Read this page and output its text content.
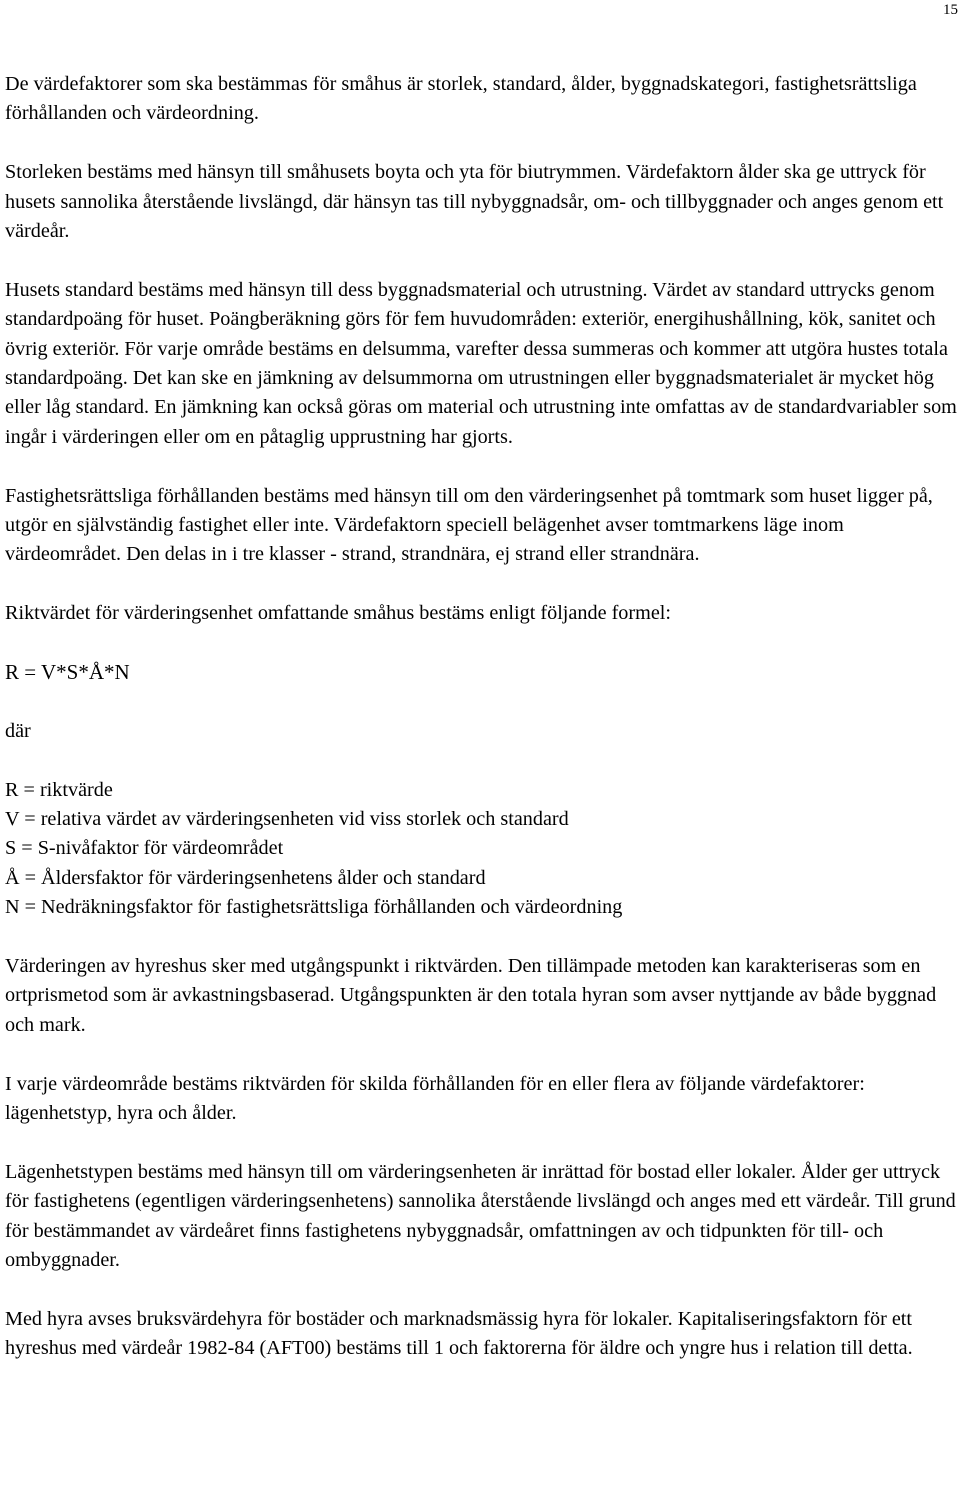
15

De värdefaktorer som ska bestämmas för småhus är storlek, standard, ålder, byggnadskategori, fastighetsrättsliga förhållanden och värdeordning.

Storleken bestäms med hänsyn till småhusets boyta och yta för biutrymmen. Värdefaktorn ålder ska ge uttryck för husets sannolika återstående livslängd, där hänsyn tas till nybyggnadsår, om- och tillbyggnader och anges genom ett värdeår.

Husets standard bestäms med hänsyn till dess byggnadsmaterial och utrustning. Värdet av standard uttrycks genom standardpoäng för huset. Poängberäkning görs för fem huvudområden: exteriör, energihushållning, kök, sanitet och övrig exteriör. För varje område bestäms en delsumma, varefter dessa summeras och kommer att utgöra hustes totala standardpoäng. Det kan ske en jämkning av delsummorna om utrustningen eller byggnadsmaterialet är mycket hög eller låg standard. En jämkning kan också göras om material och utrustning inte omfattas av de standardvariabler som ingår i värderingen eller om en påtaglig upprustning har gjorts.

Fastighetsrättsliga förhållanden bestäms med hänsyn till om den värderingsenhet på tomtmark som huset ligger på, utgör en självständig fastighet eller inte. Värdefaktorn speciell belägenhet avser tomtmarkens läge inom värdeområdet. Den delas in i tre klasser - strand, strandnära, ej strand eller strandnära.

Riktvärdet för värderingsenhet omfattande småhus bestäms enligt följande formel:

R = V*S*Å*N

där

R = riktvärde
V = relativa värdet av värderingsenheten vid viss storlek och standard
S = S-nivåfaktor för värdeområdet
Å = Åldersfaktor för värderingsenhetens ålder och standard
N = Nedräkningsfaktor för fastighetsrättsliga förhållanden och värdeordning

Värderingen av hyreshus sker med utgångspunkt i riktvärden. Den tillämpade metoden kan karakteriseras som en ortprismetod som är avkastningsbaserad. Utgångspunkten är den totala hyran som avser nyttjande av både byggnad och mark.

I varje värdeområde bestäms riktvärden för skilda förhållanden för en eller flera av följande värdefaktorer: lägenhetstyp, hyra och ålder.

Lägenhetstypen bestäms med hänsyn till om värderingsenheten är inrättad för bostad eller lokaler. Ålder ger uttryck för fastighetens (egentligen värderingsenhetens) sannolika återstående livslängd och anges med ett värdeår. Till grund för bestämmandet av värdeåret finns fastighetens nybyggnadsår, omfattningen av och tidpunkten för till- och ombyggnader.

Med hyra avses bruksvärdehyra för bostäder och marknadsmässig hyra för lokaler. Kapitaliseringsfaktorn för ett hyreshus med värdeår 1982-84 (AFT00) bestäms till 1 och faktorerna för äldre och yngre hus i relation till detta.
